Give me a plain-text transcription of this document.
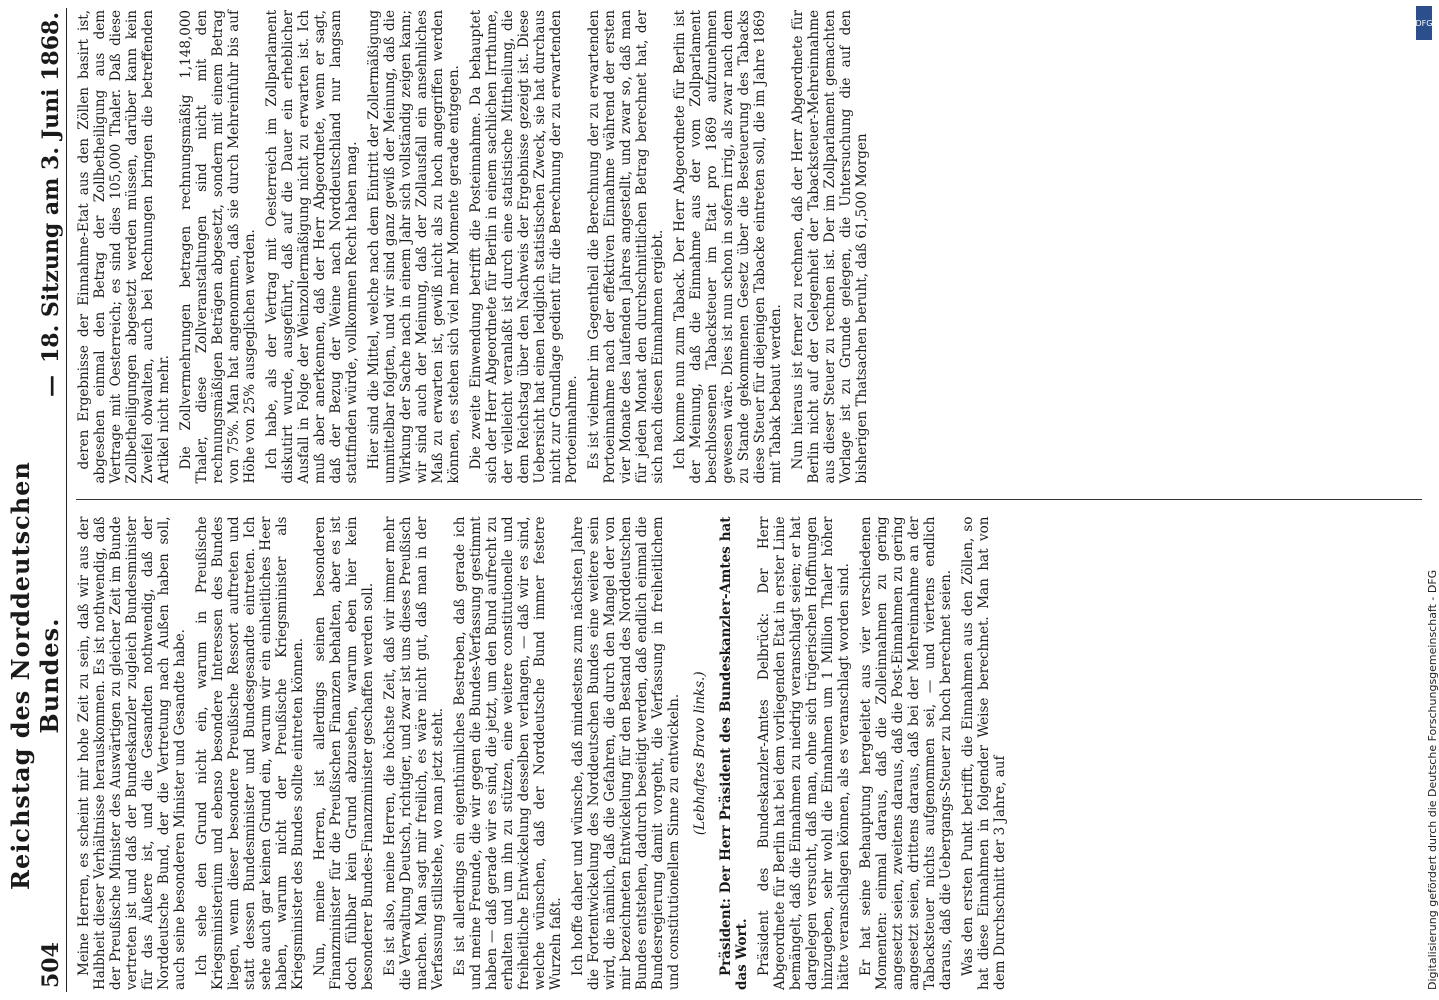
504
Reichstag des Norddeutschen Bundes.
—
18. Sitzung am 3. Juni 1868.

Meine Herren, es scheint mir hohe Zeit zu sein, daß wir aus der Halbheit dieser Verhältnisse herauskommen. Es ist nothwendig, daß der Preußische Minister des Auswärtigen zu gleicher Zeit im Bunde vertreten ist und daß der Bundeskanzler zugleich Bundesminister für das Äußere ist, und die Gesandten nothwendig, daß der Norddeutsche Bund, der die Vertretung nach Außen haben soll, auch seine besonderen Minister und Gesandte habe. Ich sehe den Grund nicht ein, warum in Preußische Kriegsministerium und ebenso besondere Interessen des Bundes liegen, wenn dieser besondere Preußische Ressort auftreten und statt dessen Bundesminister und Bundesgesandte eintreten. Ich sehe auch gar keinen Grund ein, warum wir ein einheitliches Heer haben, warum nicht der Preußische Kriegsminister als Kriegsminister des Bundes sollte eintreten können. Nun, meine Herren, ist allerdings seinen besonderen Finanzminister für die Preußischen Finanzen behalten, aber es ist doch fühlbar kein Grund abzusehen, warum eben hier kein besonderer Bundes-Finanzminister geschaffen werden soll. Es ist also, meine Herren, die höchste Zeit, daß wir immer mehr die Verwaltung Deutsch, richtiger, und zwar ist uns dieses Preußisch machen. Man sagt mir freilich, es wäre nicht gut, daß man in der Verfassung stillstehe, wo man jetzt steht. Es ist allerdings ein eigenthümliches Bestreben, daß gerade ich und meine Freunde, die wir gegen die Bundes-Verfassung gestimmt haben — daß gerade wir es sind, die jetzt, um den Bund aufrecht zu erhalten und um ihn zu stützen, eine weitere constitutionelle und freiheitliche Entwickelung desselben verlangen, — daß wir es sind, welche wünschen, daß der Norddeutsche Bund immer festere Wurzeln faßt. Ich hoffe daher und wünsche, daß mindestens zum nächsten Jahre die Fortentwickelung des Norddeutschen Bundes eine weitere sein wird, die nämlich, daß die Gefahren, die durch den Mangel der von mir bezeichneten Entwickelung für den Bestand des Norddeutschen Bundes entstehen, dadurch beseitigt werden, daß endlich einmal die Bundesregierung damit vorgeht, die Verfassung in freiheitlichem und constitutionellem Sinne zu entwickeln. (Lebhaftes Bravo links.) Präsident: Der Herr Präsident des Bundeskanzler-Amtes hat das Wort. Präsident des Bundeskanzler-Amtes Delbrück: Der Herr Abgeordnete für Berlin hat bei dem vorliegenden Etat in erster Linie bemängelt, daß die Einnahmen zu niedrig veranschlagt seien; er hat dargelegen versucht, daß man, ohne sich trügerischen Hoffnungen hinzugeben, sehr wohl die Einnahmen um 1 Million Thaler höher hätte veranschlagen können, als es veranschlagt worden sind. Er hat seine Behauptung hergeleitet aus vier verschiedenen Momenten: einmal daraus, daß die Zolleinnahmen zu gering angesetzt seien, zweitens daraus, daß die Post-Einnahmen zu gering angesetzt seien, drittens daraus, daß bei der Mehreinnahme an der Tabacksteuer nichts aufgenommen sei, — und viertens endlich daraus, daß die Uebergangs-Steuer zu hoch berechnet seien. Was den ersten Punkt betrifft, die Einnahmen aus den Zöllen, so hat diese Einnahmen in folgender Weise berechnet. Man hat von dem Durchschnitt der 3 Jahre, auf

deren Ergebnisse der Einnahme-Etat aus den Zöllen basirt ist, abgesehen einmal den Betrag der Zollbetheiligung aus dem Vertrage mit Oesterreich; es sind dies 105,000 Thaler. Daß diese Zollbetheiligungen abgesetzt werden müssen, darüber kann kein Zweifel obwalten, auch bei Rechnungen bringen die betreffenden Artikel nicht mehr. Die Zollvermehrungen betragen rechnungsmäßig 1,148,000 Thaler, diese Zollveranstaltungen sind nicht mit den rechnungsmäßigen Beträgen abgesetzt, sondern mit einem Betrag von 75%. Man hat angenommen, daß sie durch Mehreinfuhr bis auf Höhe von 25% ausgeglichen werden. Ich habe, als der Vertrag mit Oesterreich im Zollparlament diskutirt wurde, ausgeführt, daß auf die Dauer ein erheblicher Ausfall in Folge der Weinzollermäßigung nicht zu erwarten ist. Ich muß aber anerkennen, daß der Herr Abgeordnete, wenn er sagt, daß der Bezug der Weine nach Norddeutschland nur langsam stattfinden würde, vollkommen Recht haben mag. Hier sind die Mittel, welche nach dem Eintritt der Zollermäßigung unmittelbar folgten, und wir sind ganz gewiß der Meinung, daß die Wirkung der Sache nach in einem Jahr sich vollständig zeigen kann; wir sind auch der Meinung, daß der Zollausfall ein ansehnliches Maß zu erwarten ist, gewiß nicht als zu hoch angegriffen werden können, es stehen sich viel mehr Momente gerade entgegen. Die zweite Einwendung betrifft die Posteinnahme. Da behauptet sich der Herr Abgeordnete für Berlin in einem sachlichen Irrthume, der vielleicht veranlaßt ist durch eine statistische Mittheilung, die dem Reichstag über den Nachweis der Ergebnisse gezeigt ist. Diese Uebersicht hat einen lediglich statistischen Zweck, sie hat durchaus nicht zur Grundlage gedient für die Berechnung der zu erwartenden Portoeinnahme. Es ist vielmehr im Gegentheil die Berechnung der zu erwartenden Portoeinnahme nach der effektiven Einnahme während der ersten vier Monate des laufenden Jahres angestellt, und zwar so, daß man für jeden Monat den durchschnittlichen Betrag berechnet hat, der sich nach diesen Einnahmen ergiebt. Ich komme nun zum Taback. Der Herr Abgeordnete für Berlin ist der Meinung, daß die Einnahme aus der vom Zollparlament beschlossenen Tabacksteuer im Etat pro 1869 aufzunehmen gewesen wäre. Dies ist nun schon in sofern irrig, als zwar nach dem zu Stande gekommenen Gesetz über die Besteuerung des Tabacks diese Steuer für diejenigen Tabacke eintreten soll, die im Jahre 1869 mit Tabak bebaut werden. Nun hieraus ist ferner zu rechnen, daß der Herr Abgeordnete für Berlin nicht auf der Gelegenheit der Tabacksteuer-Mehreinnahme aus dieser Steuer zu rechnen ist. Der im Zollparlament gemachten Vorlage ist zu Grunde gelegen, die Untersuchung die auf den bisherigen Thatsachen beruht, daß 61,500 Morgen

Digitalisierung gefördert durch die Deutsche Forschungsgemeinschaft - DFG
DFG
